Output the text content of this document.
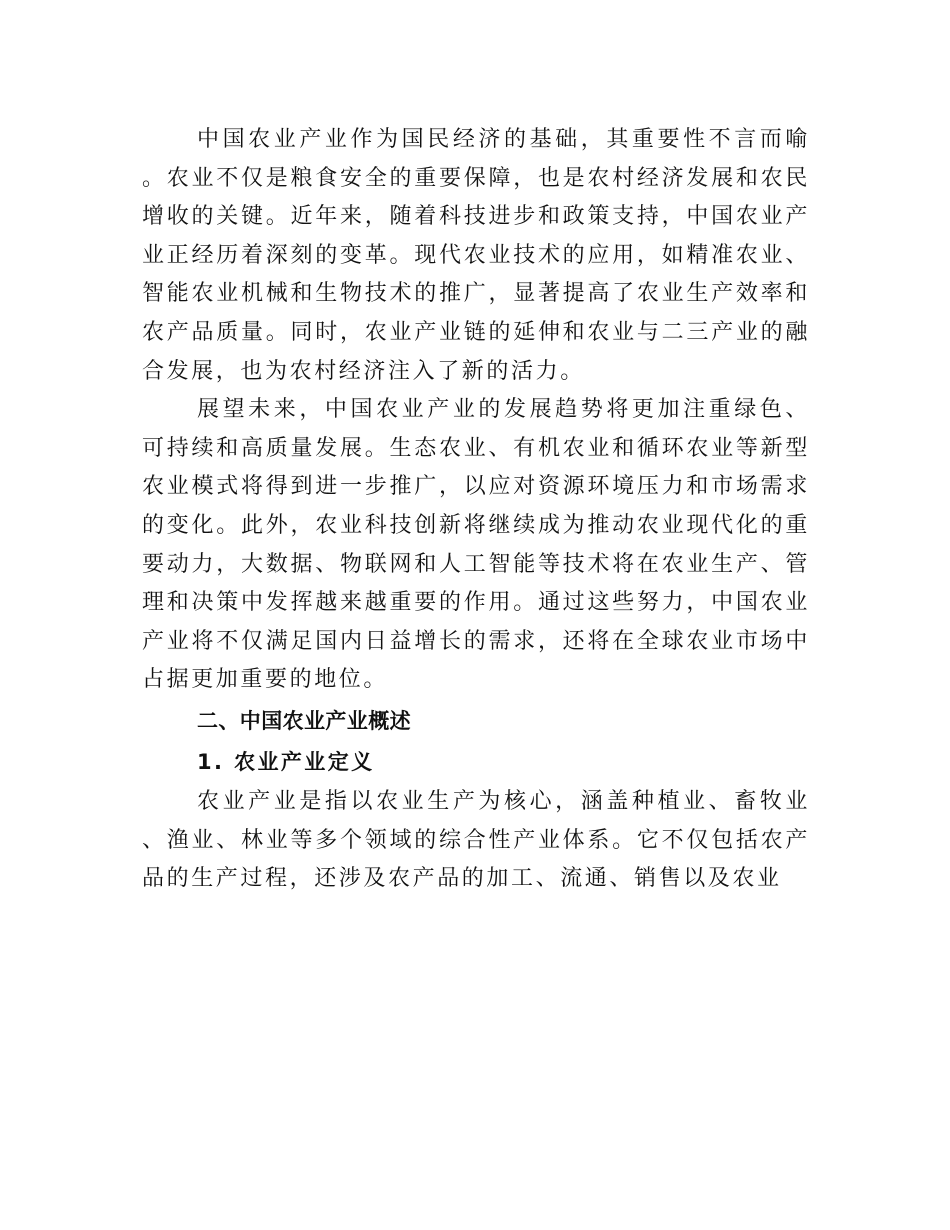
中国农业产业作为国民经济的基础，其重要性不言而喻。农业不仅是粮食安全的重要保障，也是农村经济发展和农民增收的关键。近年来，随着科技进步和政策支持，中国农业产业正经历着深刻的变革。现代农业技术的应用，如精准农业、智能农业机械和生物技术的推广，显著提高了农业生产效率和农产品质量。同时，农业产业链的延伸和农业与二三产业的融合发展，也为农村经济注入了新的活力。

展望未来，中国农业产业的发展趋势将更加注重绿色、可持续和高质量发展。生态农业、有机农业和循环农业等新型农业模式将得到进一步推广，以应对资源环境压力和市场需求的变化。此外，农业科技创新将继续成为推动农业现代化的重要动力，大数据、物联网和人工智能等技术将在农业生产、管理和决策中发挥越来越重要的作用。通过这些努力，中国农业产业将不仅满足国内日益增长的需求，还将在全球农业市场中占据更加重要的地位。

二、中国农业产业概述
1. 农业产业定义

农业产业是指以农业生产为核心，涵盖种植业、畜牧业、渔业、林业等多个领域的综合性产业体系。它不仅包括农产品的生产过程，还涉及农产品的加工、流通、销售以及农业
